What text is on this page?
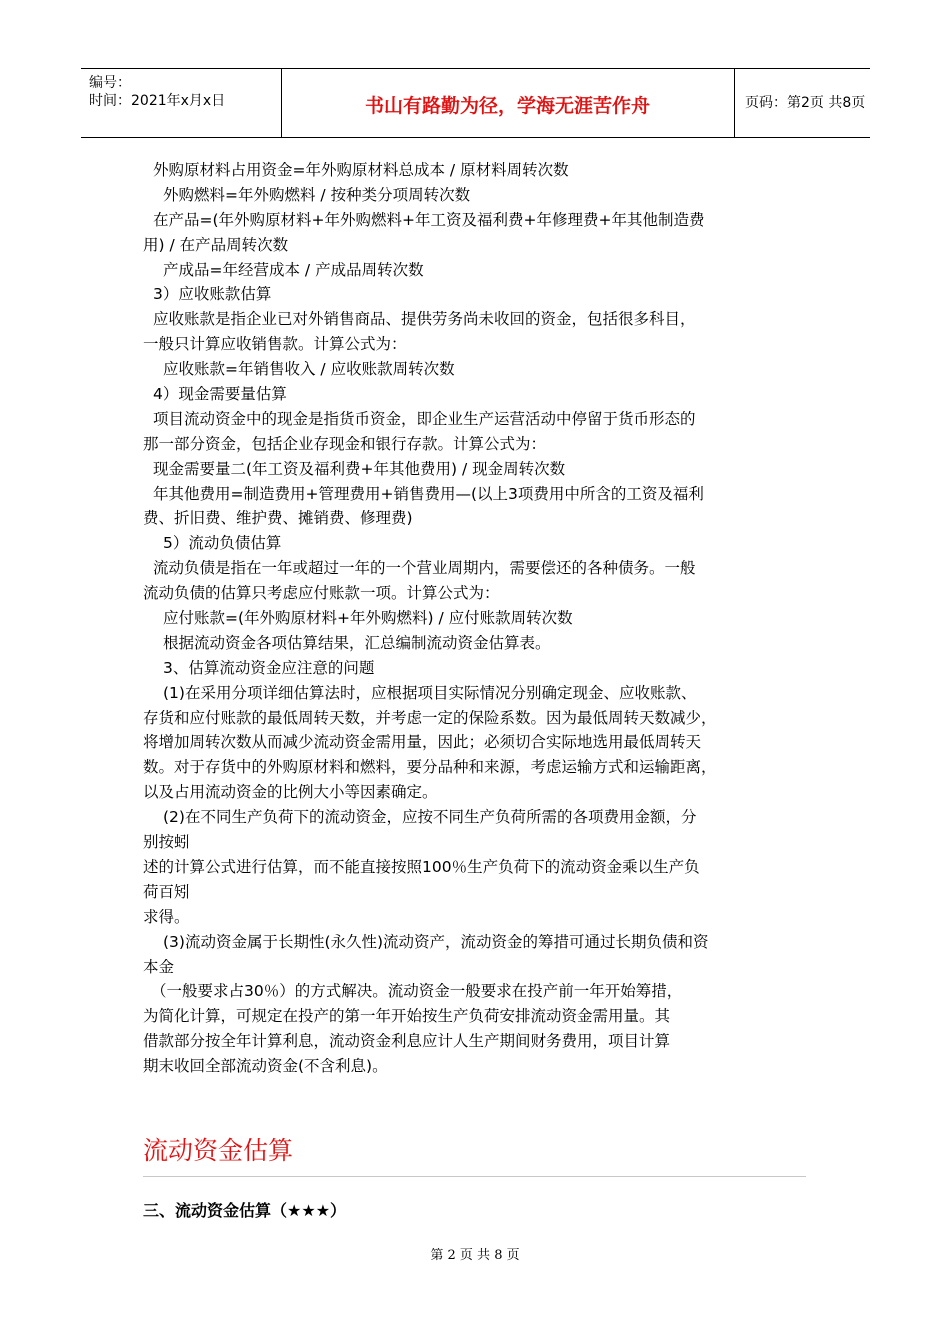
编号：
时间：2021年x月x日	书山有路勤为径，学海无涯苦作舟	页码：第2页 共8页
外购原材料占用资金=年外购原材料总成本 / 原材料周转次数
外购燃料=年外购燃料 / 按种类分项周转次数
在产品=(年外购原材料+年外购燃料+年工资及福利费+年修理费+年其他制造费
用) / 在产品周转次数
产成品=年经营成本 / 产成品周转次数
3）应收账款估算
应收账款是指企业已对外销售商品、提供劳务尚未收回的资金，包括很多科目，
一般只计算应收销售款。计算公式为：
应收账款=年销售收入 / 应收账款周转次数
4）现金需要量估算
项目流动资金中的现金是指货币资金，即企业生产运营活动中停留于货币形态的
那一部分资金，包括企业存现金和银行存款。计算公式为：
现金需要量二(年工资及福利费+年其他费用) / 现金周转次数
年其他费用=制造费用+管理费用+销售费用—(以上3项费用中所含的工资及福利
费、折旧费、维护费、摊销费、修理费)
5）流动负债估算
流动负债是指在一年或超过一年的一个营业周期内，需要偿还的各种债务。一般
流动负债的估算只考虑应付账款一项。计算公式为：
应付账款=(年外购原材料+年外购燃料) / 应付账款周转次数
根据流动资金各项估算结果，汇总编制流动资金估算表。
3、估算流动资金应注意的问题
(1)在采用分项详细估算法时，应根据项目实际情况分别确定现金、应收账款、
存货和应付账款的最低周转天数，并考虑一定的保险系数。因为最低周转天数减少，
将增加周转次数从而减少流动资金需用量，因此；必须切合实际地选用最低周转天
数。对于存货中的外购原材料和燃料，要分品种和来源，考虑运输方式和运输距离，
以及占用流动资金的比例大小等因素确定。
(2)在不同生产负荷下的流动资金，应按不同生产负荷所需的各项费用金额，分
别按蚓
述的计算公式进行估算，而不能直接按照100％生产负荷下的流动资金乘以生产负
荷百矧
求得。
(3)流动资金属于长期性(永久性)流动资产，流动资金的筹措可通过长期负债和资
本金
（一般要求占30％）的方式解决。流动资金一般要求在投产前一年开始筹措，
为简化计算，可规定在投产的第一年开始按生产负荷安排流动资金需用量。其
借款部分按全年计算利息，流动资金利息应计人生产期间财务费用，项目计算
期末收回全部流动资金(不含利息)。
流动资金估算
三、流动资金估算（★★★）
第 2 页 共 8 页
